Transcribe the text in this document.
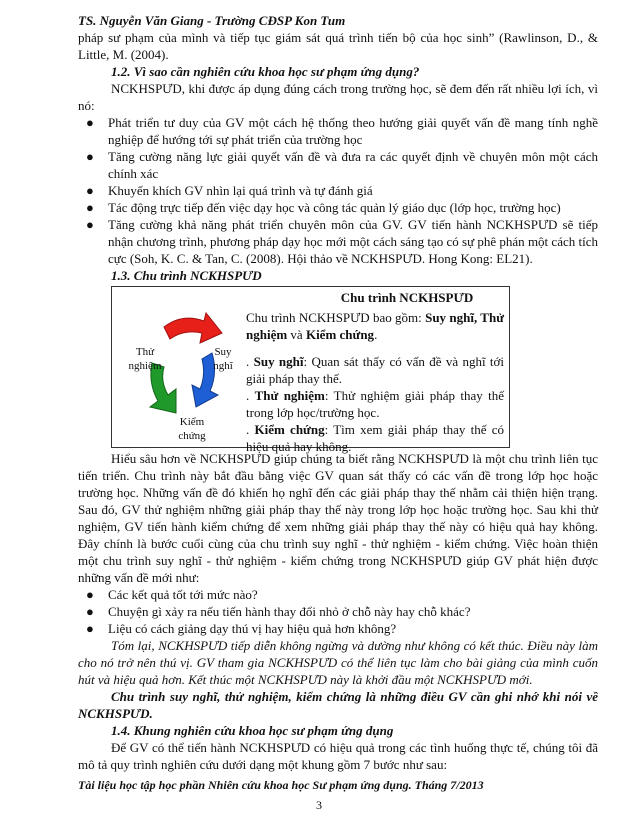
TS. Nguyễn Văn Giang - Trường CĐSP Kon Tum

pháp sư phạm của mình và tiếp tục giám sát quá trình tiến bộ của học sinh” (Rawlinson, D., & Little, M. (2004).

1.2. Vì sao cần nghiên cứu khoa học sư phạm ứng dụng?

NCKHSPƯD, khi được áp dụng đúng cách trong trường học, sẽ đem đến rất nhiều lợi ích, vì nó:

● Phát triển tư duy của GV một cách hệ thống theo hướng giải quyết vấn đề mang tính nghề nghiệp để hướng tới sự phát triển của trường học
● Tăng cường năng lực giải quyết vấn đề và đưa ra các quyết định về chuyên môn một cách chính xác
● Khuyến khích GV nhìn lại quá trình và tự đánh giá
● Tác động trực tiếp đến việc dạy học và công tác quản lý giáo dục (lớp học, trường học)
● Tăng cường khả năng phát triển chuyên môn của GV. GV tiến hành NCKHSPƯD sẽ tiếp nhận chương trình, phương pháp dạy học mới một cách sáng tạo có sự phê phán một cách tích cực (Soh, K. C. & Tan, C. (2008). Hội thảo về NCKHSPƯD. Hong Kong: EL21).

1.3. Chu trình NCKHSPƯD

Thử nghiệm
Suy nghĩ
Kiểm chứng
Chu trình NCKHSPƯD
Chu trình NCKHSPƯD bao gồm: Suy nghĩ, Thử nghiệm và Kiểm chứng.
. Suy nghĩ: Quan sát thấy có vấn đề và nghĩ tới giải pháp thay thế.
. Thử nghiệm: Thử nghiệm giải pháp thay thế trong lớp học/trường học.
. Kiểm chứng: Tìm xem giải pháp thay thế có hiệu quả hay không.

Hiểu sâu hơn về NCKHSPƯD giúp chúng ta biết rằng NCKHSPƯD là một chu trình liên tục tiến triển. Chu trình này bắt đầu bằng việc GV quan sát thấy có các vấn đề trong lớp học hoặc trường học. Những vấn đề đó khiến họ nghĩ đến các giải pháp thay thế nhằm cải thiện hiện trạng. Sau đó, GV thử nghiệm những giải pháp thay thế này trong lớp học hoặc trường học. Sau khi thử nghiệm, GV tiến hành kiểm chứng để xem những giải pháp thay thế này có hiệu quả hay không. Đây chính là bước cuối cùng của chu trình suy nghĩ - thử nghiệm - kiểm chứng. Việc hoàn thiện một chu trình suy nghĩ - thử nghiệm - kiểm chứng trong NCKHSPƯD giúp GV phát hiện được những vấn đề mới như:

● Các kết quả tốt tới mức nào?
● Chuyện gì xảy ra nếu tiến hành thay đổi nhỏ ở chỗ này hay chỗ khác?
● Liệu có cách giảng dạy thú vị hay hiệu quả hơn không?

Tóm lại, NCKHSPƯD tiếp diễn không ngừng và dường như không có kết thúc. Điều này làm cho nó trở nên thú vị. GV tham gia NCKHSPƯD có thể liên tục làm cho bài giảng của mình cuốn hút và hiệu quả hơn. Kết thúc một NCKHSPƯD này là khởi đầu một NCKHSPƯD mới.

Chu trình suy nghĩ, thử nghiệm, kiểm chứng là những điều GV cần ghi nhớ khi nói về NCKHSPƯD.

1.4. Khung nghiên cứu khoa học sư phạm ứng dụng

Để GV có thể tiến hành NCKHSPƯD có hiệu quả trong các tình huống thực tế, chúng tôi đã mô tả quy trình nghiên cứu dưới dạng một khung gồm 7 bước như sau:

Tài liệu học tập học phần Nhiên cứu khoa học Sư phạm ứng dụng. Tháng 7/2013
3
